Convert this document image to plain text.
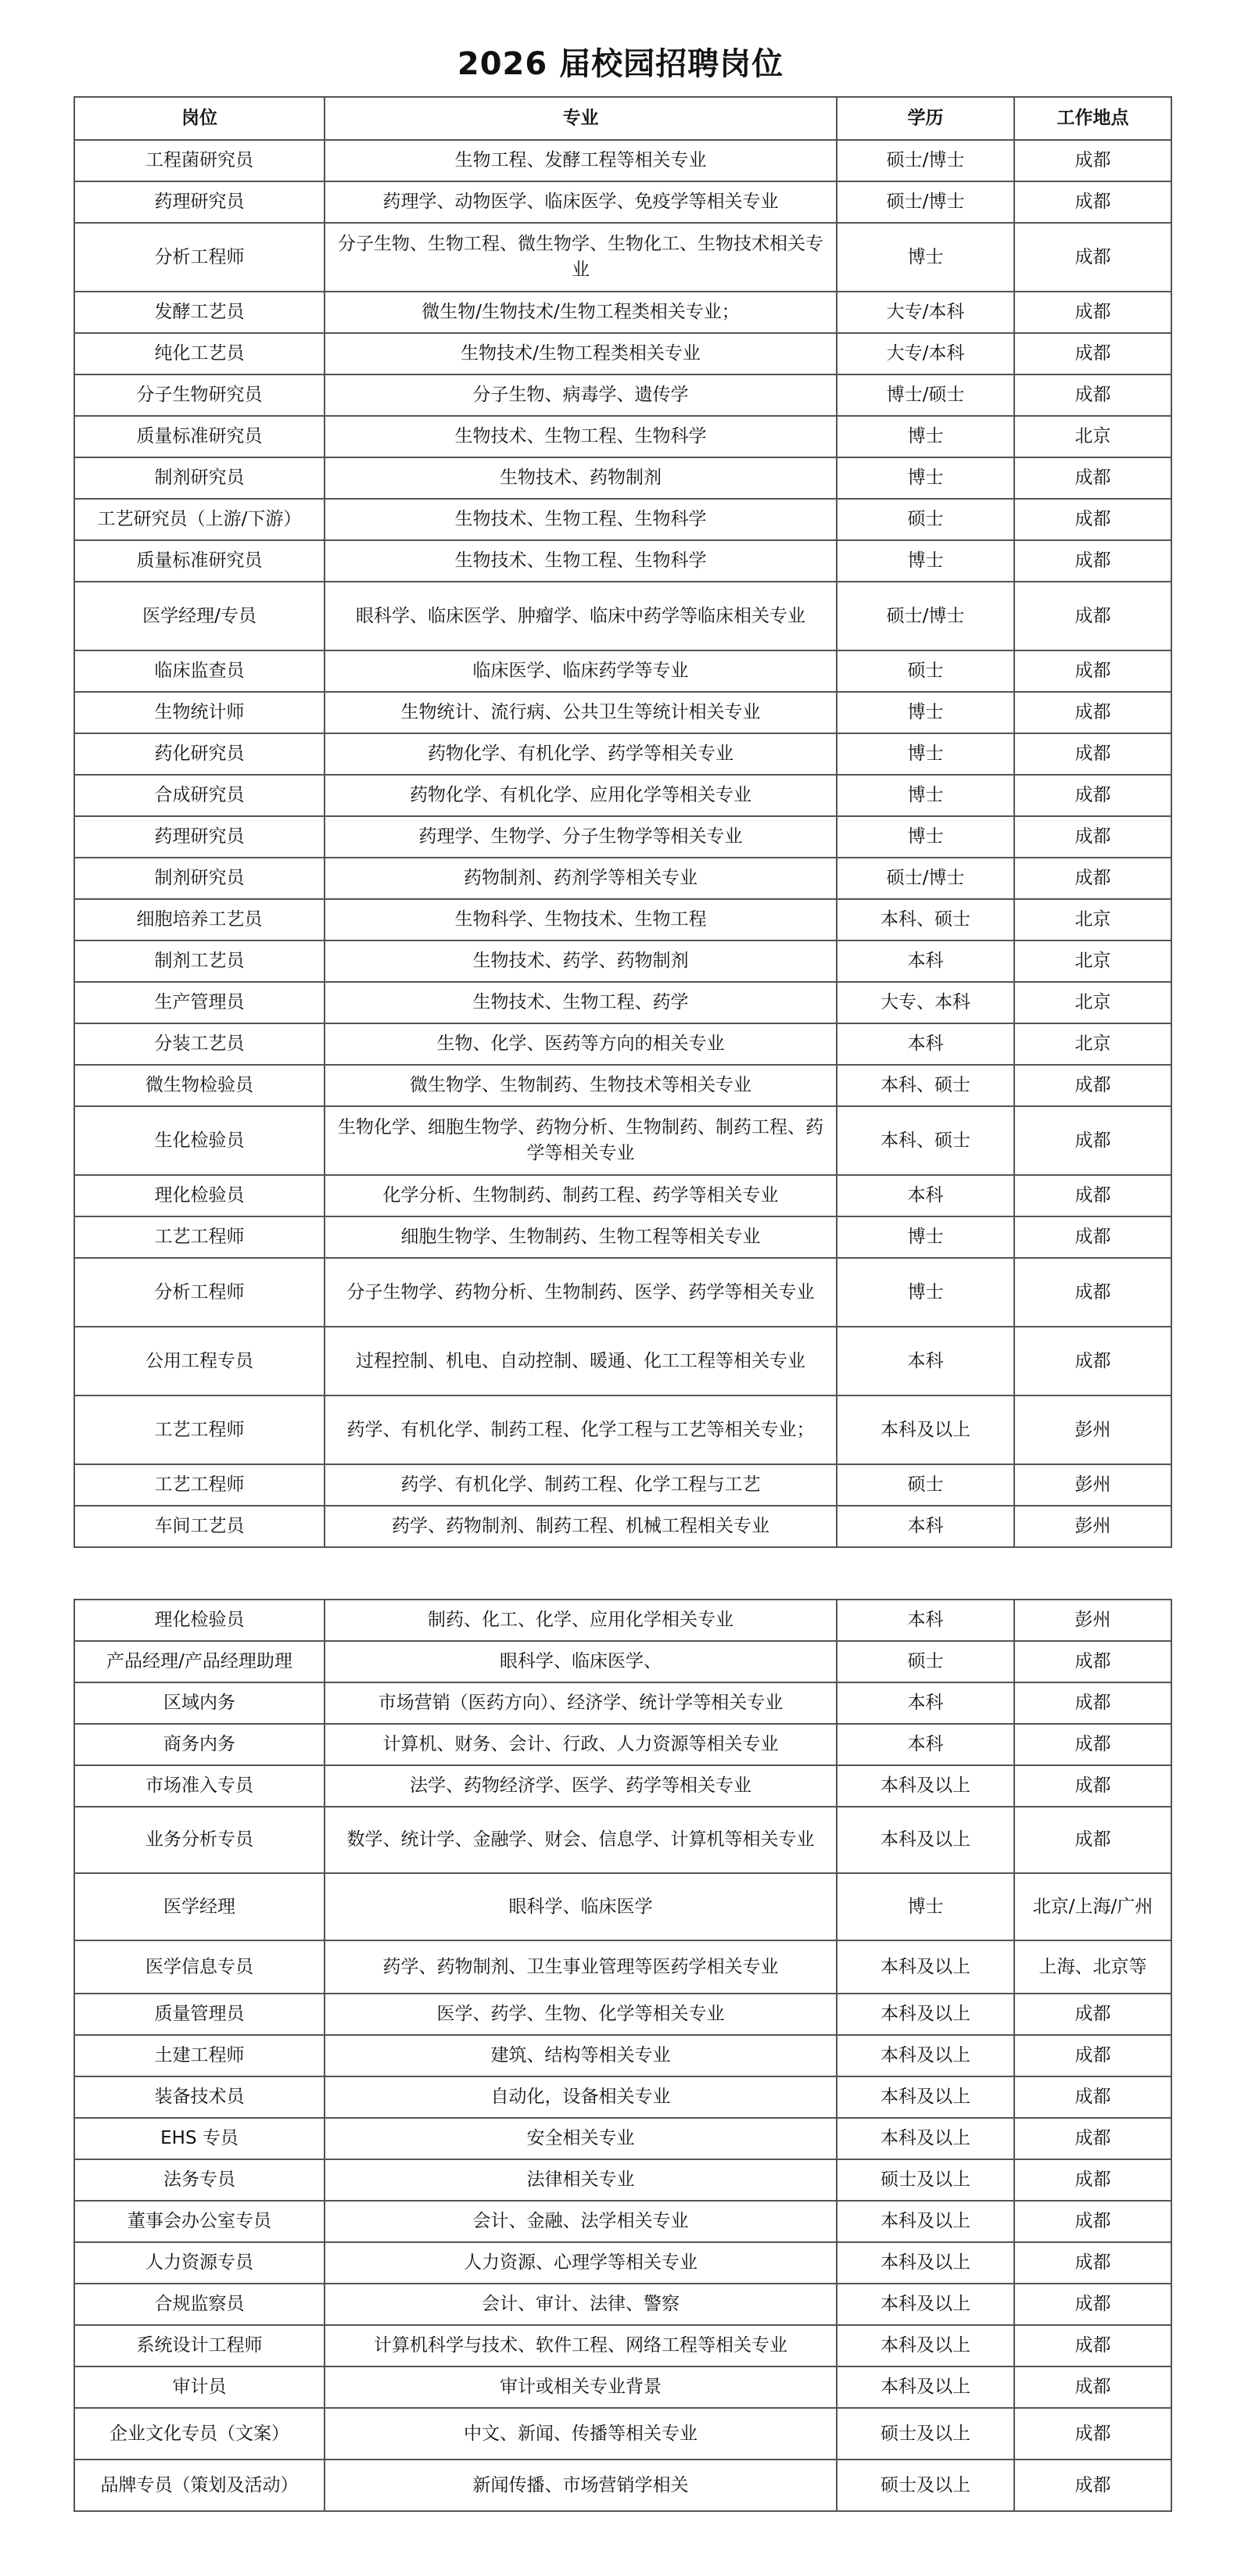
2026 届校园招聘岗位
岗位	专业	学历	工作地点
工程菌研究员	生物工程、发酵工程等相关专业	硕士/博士	成都
药理研究员	药理学、动物医学、临床医学、免疫学等相关专业	硕士/博士	成都
分析工程师	分子生物、生物工程、微生物学、生物化工、生物技术相关专业	博士	成都
发酵工艺员	微生物/生物技术/生物工程类相关专业；	大专/本科	成都
纯化工艺员	生物技术/生物工程类相关专业	大专/本科	成都
分子生物研究员	分子生物、病毒学、遗传学	博士/硕士	成都
质量标准研究员	生物技术、生物工程、生物科学	博士	北京
制剂研究员	生物技术、药物制剂	博士	成都
工艺研究员（上游/下游）	生物技术、生物工程、生物科学	硕士	成都
质量标准研究员	生物技术、生物工程、生物科学	博士	成都
医学经理/专员	眼科学、临床医学、肿瘤学、临床中药学等临床相关专业	硕士/博士	成都
临床监查员	临床医学、临床药学等专业	硕士	成都
生物统计师	生物统计、流行病、公共卫生等统计相关专业	博士	成都
药化研究员	药物化学、有机化学、药学等相关专业	博士	成都
合成研究员	药物化学、有机化学、应用化学等相关专业	博士	成都
药理研究员	药理学、生物学、分子生物学等相关专业	博士	成都
制剂研究员	药物制剂、药剂学等相关专业	硕士/博士	成都
细胞培养工艺员	生物科学、生物技术、生物工程	本科、硕士	北京
制剂工艺员	生物技术、药学、药物制剂	本科	北京
生产管理员	生物技术、生物工程、药学	大专、本科	北京
分装工艺员	生物、化学、医药等方向的相关专业	本科	北京
微生物检验员	微生物学、生物制药、生物技术等相关专业	本科、硕士	成都
生化检验员	生物化学、细胞生物学、药物分析、生物制药、制药工程、药学等相关专业	本科、硕士	成都
理化检验员	化学分析、生物制药、制药工程、药学等相关专业	本科	成都
工艺工程师	细胞生物学、生物制药、生物工程等相关专业	博士	成都
分析工程师	分子生物学、药物分析、生物制药、医学、药学等相关专业	博士	成都
公用工程专员	过程控制、机电、自动控制、暖通、化工工程等相关专业	本科	成都
工艺工程师	药学、有机化学、制药工程、化学工程与工艺等相关专业；	本科及以上	彭州
工艺工程师	药学、有机化学、制药工程、化学工程与工艺	硕士	彭州
车间工艺员	药学、药物制剂、制药工程、机械工程相关专业	本科	彭州
理化检验员	制药、化工、化学、应用化学相关专业	本科	彭州
产品经理/产品经理助理	眼科学、临床医学、	硕士	成都
区域内务	市场营销（医药方向）、经济学、统计学等相关专业	本科	成都
商务内务	计算机、财务、会计、行政、人力资源等相关专业	本科	成都
市场准入专员	法学、药物经济学、医学、药学等相关专业	本科及以上	成都
业务分析专员	数学、统计学、金融学、财会、信息学、计算机等相关专业	本科及以上	成都
医学经理	眼科学、临床医学	博士	北京/上海/广州
医学信息专员	药学、药物制剂、卫生事业管理等医药学相关专业	本科及以上	上海、北京等
质量管理员	医学、药学、生物、化学等相关专业	本科及以上	成都
土建工程师	建筑、结构等相关专业	本科及以上	成都
装备技术员	自动化，设备相关专业	本科及以上	成都
EHS 专员	安全相关专业	本科及以上	成都
法务专员	法律相关专业	硕士及以上	成都
董事会办公室专员	会计、金融、法学相关专业	本科及以上	成都
人力资源专员	人力资源、心理学等相关专业	本科及以上	成都
合规监察员	会计、审计、法律、警察	本科及以上	成都
系统设计工程师	计算机科学与技术、软件工程、网络工程等相关专业	本科及以上	成都
审计员	审计或相关专业背景	本科及以上	成都
企业文化专员（文案）	中文、新闻、传播等相关专业	硕士及以上	成都
品牌专员（策划及活动）	新闻传播、市场营销学相关	硕士及以上	成都
